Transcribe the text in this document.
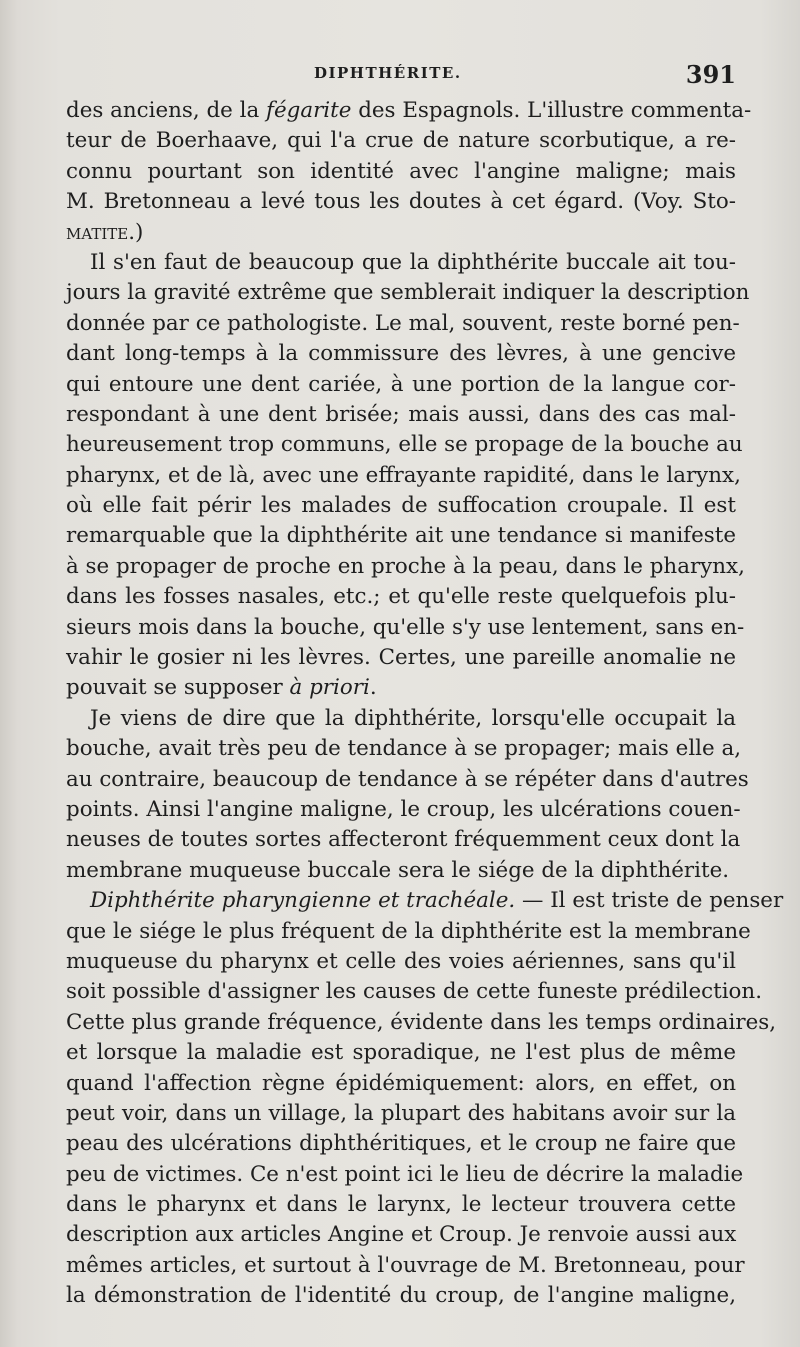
DIPHTHÉRITE.	391
des anciens, de la fégarite des Espagnols. L'illustre commenta-
teur de Boerhaave, qui l'a crue de nature scorbutique, a re-
connu pourtant son identité avec l'angine maligne; mais
M. Bretonneau a levé tous les doutes à cet égard. (Voy. Sto-
matite.)
Il s'en faut de beaucoup que la diphthérite buccale ait tou-
jours la gravité extrême que semblerait indiquer la description
donnée par ce pathologiste. Le mal, souvent, reste borné pen-
dant long-temps à la commissure des lèvres, à une gencive
qui entoure une dent cariée, à une portion de la langue cor-
respondant à une dent brisée; mais aussi, dans des cas mal-
heureusement trop communs, elle se propage de la bouche au
pharynx, et de là, avec une effrayante rapidité, dans le larynx,
où elle fait périr les malades de suffocation croupale. Il est
remarquable que la diphthérite ait une tendance si manifeste
à se propager de proche en proche à la peau, dans le pharynx,
dans les fosses nasales, etc.; et qu'elle reste quelquefois plu-
sieurs mois dans la bouche, qu'elle s'y use lentement, sans en-
vahir le gosier ni les lèvres. Certes, une pareille anomalie ne
pouvait se supposer à priori.
Je viens de dire que la diphthérite, lorsqu'elle occupait la
bouche, avait très peu de tendance à se propager; mais elle a,
au contraire, beaucoup de tendance à se répéter dans d'autres
points. Ainsi l'angine maligne, le croup, les ulcérations couen-
neuses de toutes sortes affecteront fréquemment ceux dont la
membrane muqueuse buccale sera le siége de la diphthérite.
Diphthérite pharyngienne et trachéale. — Il est triste de penser
que le siége le plus fréquent de la diphthérite est la membrane
muqueuse du pharynx et celle des voies aériennes, sans qu'il
soit possible d'assigner les causes de cette funeste prédilection.
Cette plus grande fréquence, évidente dans les temps ordinaires,
et lorsque la maladie est sporadique, ne l'est plus de même
quand l'affection règne épidémiquement: alors, en effet, on
peut voir, dans un village, la plupart des habitans avoir sur la
peau des ulcérations diphthéritiques, et le croup ne faire que
peu de victimes. Ce n'est point ici le lieu de décrire la maladie
dans le pharynx et dans le larynx, le lecteur trouvera cette
description aux articles Angine et Croup. Je renvoie aussi aux
mêmes articles, et surtout à l'ouvrage de M. Bretonneau, pour
la démonstration de l'identité du croup, de l'angine maligne,
